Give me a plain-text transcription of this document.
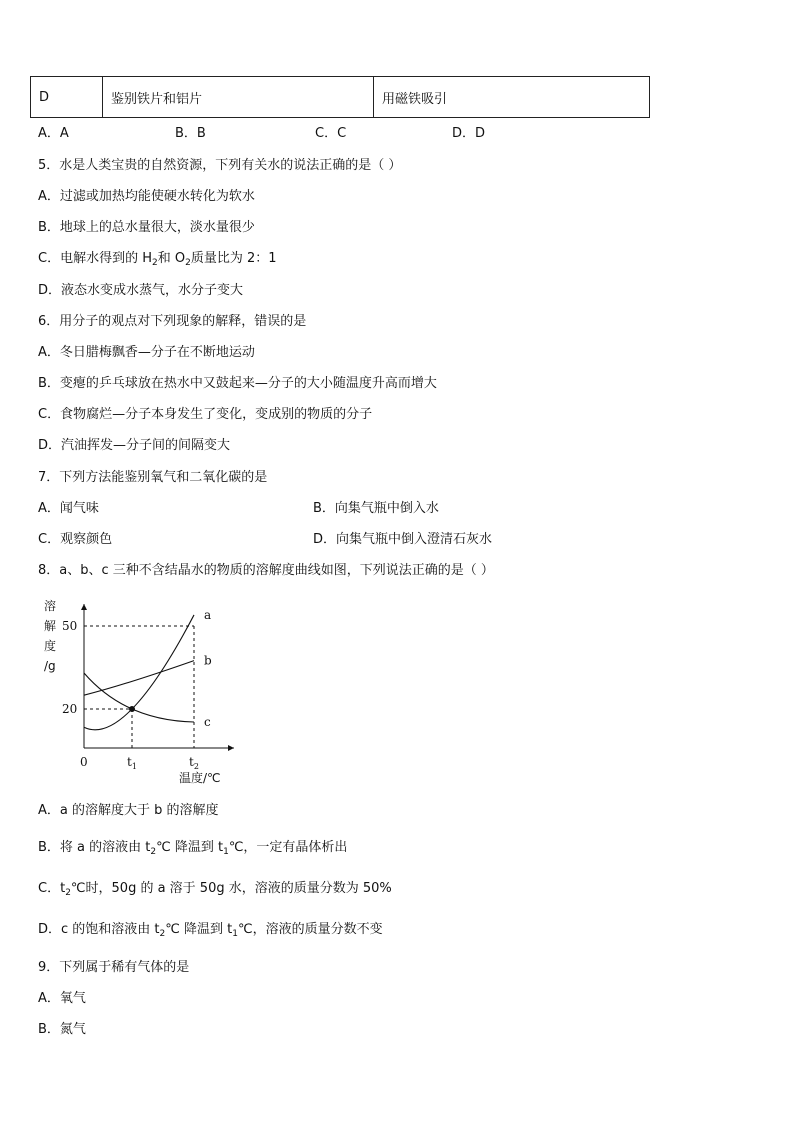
D	鉴别铁片和铝片	用磁铁吸引
A．A	B．B	C．C	D．D
5．水是人类宝贵的自然资源，下列有关水的说法正确的是（ ）
A．过滤或加热均能使硬水转化为软水
B．地球上的总水量很大，淡水量很少
C．电解水得到的 $H_2$和 $O_2$质量比为 2：1
D．液态水变成水蒸气，水分子变大
6．用分子的观点对下列现象的解释，错误的是
A．冬日腊梅飘香—分子在不断地运动
B．变瘪的乒乓球放在热水中又鼓起来—分子的大小随温度升高而增大
C．食物腐烂—分子本身发生了变化，变成别的物质的分子
D．汽油挥发—分子间的间隔变大
7．下列方法能鉴别氧气和二氧化碳的是
A．闻气味	B．向集气瓶中倒入水
C．观察颜色	D．向集气瓶中倒入澄清石灰水
8．a、b、c 三种不含结晶水的物质的溶解度曲线如图，下列说法正确的是（ ）
a
b
c
20
50
$t_1$	$t_2$
溶
解
度
/g
0
温度/℃
A．a 的溶解度大于 b 的溶解度
B．将 a 的溶液由 $t_2℃$ 降温到 $t_1℃$，一定有晶体析出
C．$t_2℃$时，50g 的 a 溶于 50g 水，溶液的质量分数为 50%
D．c 的饱和溶液由 $t_2℃$ 降温到 $t_1℃$，溶液的质量分数不变
9．下列属于稀有气体的是
A．氧气
B．氮气
